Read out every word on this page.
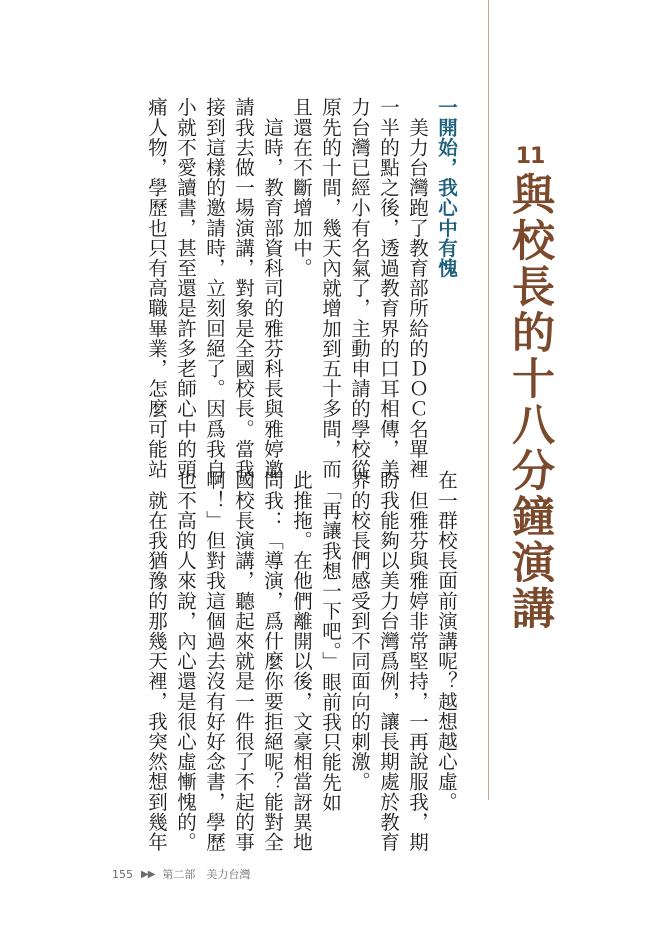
11
與校長的十八分鐘演講
一開始，我心中有愧
　美力台灣跑了教育部所給的ＤＯＣ名單裡
一半的點之後，透過教育界的口耳相傳，美
力台灣已經小有名氣了，主動申請的學校從
原先的十間，幾天內就增加到五十多間，而
且還在不斷增加中。
　這時，教育部資科司的雅芬科長與雅婷邀
請我去做一場演講，對象是全國校長。當我
接到這樣的邀請時，立刻回絕了。因爲我自
小就不愛讀書，甚至還是許多老師心中的頭
痛人物，學歷也只有高職畢業，怎麼可能站
在一群校長面前演講呢？越想越心虛。
　但雅芬與雅婷非常堅持，一再說服我，期
盼我能夠以美力台灣爲例，讓長期處於教育
界的校長們感受到不同面向的刺激。
　「再讓我想一下吧。」眼前我只能先如
此推拖。在他們離開以後，文豪相當訝異地
問我：「導演，爲什麼你要拒絕呢？能對全
國校長演講，聽起來就是一件很了不起的事
啊！」但對我這個過去沒有好好念書，學歷
也不高的人來說，內心還是很心虛慚愧的。
　就在我猶豫的那幾天裡，我突然想到幾年
155 ▶▶ 第二部　美力台灣
